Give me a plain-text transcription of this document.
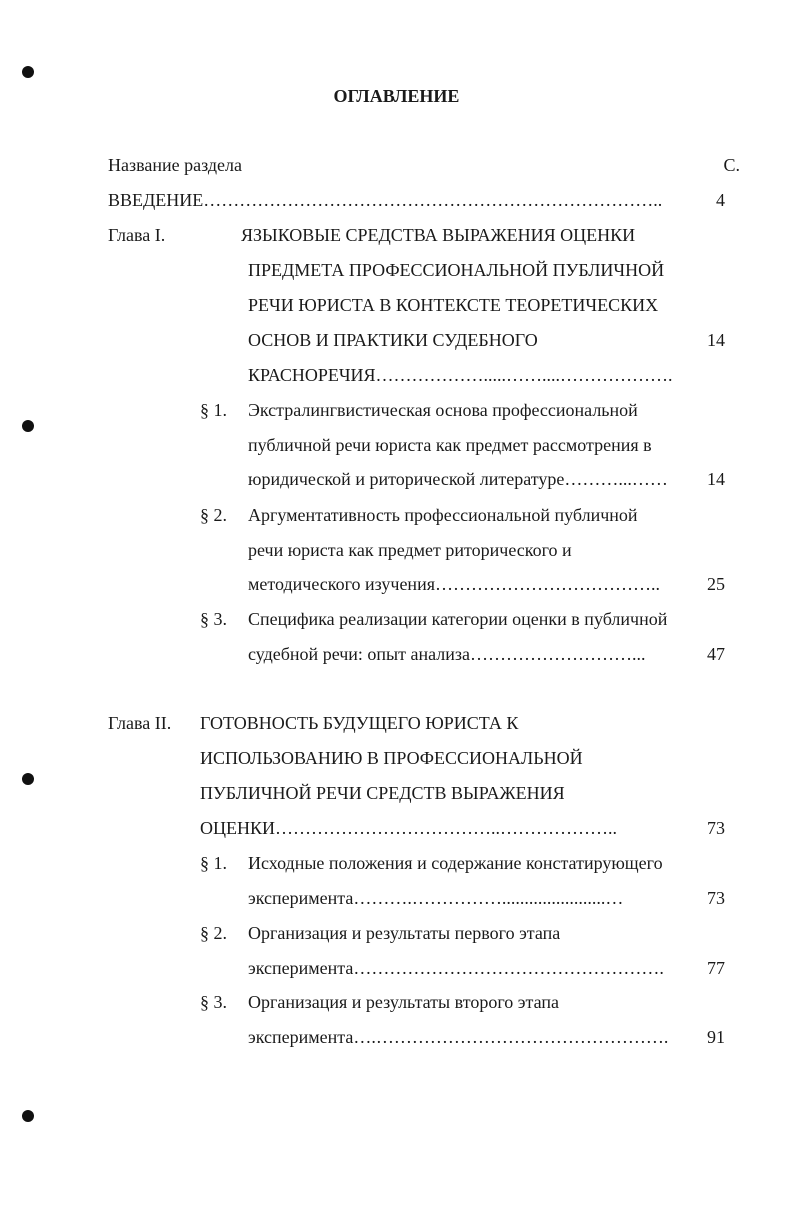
ОГЛАВЛЕНИЕ
Название раздела	С.
ВВЕДЕНИЕ…………………………………………………………………..	4
Глава I.	ЯЗЫКОВЫЕ СРЕДСТВА ВЫРАЖЕНИЯ ОЦЕНКИ
ПРЕДМЕТА ПРОФЕССИОНАЛЬНОЙ ПУБЛИЧНОЙ
РЕЧИ ЮРИСТА В КОНТЕКСТЕ ТЕОРЕТИЧЕСКИХ
ОСНОВ И ПРАКТИКИ СУДЕБНОГО	14
КРАСНОРЕЧИЯ……………….....……....……………….
§ 1. Экстралингвистическая основа профессиональной
публичной речи юриста как предмет рассмотрения в
юридической и риторической литературе………...……	14
§ 2. Аргументативность профессиональной публичной
речи юриста как предмет риторического и
методического изучения………………………………..	25
§ 3. Специфика реализации категории оценки в публичной
судебной речи: опыт анализа………………………...	47
Глава II. ГОТОВНОСТЬ БУДУЩЕГО ЮРИСТА К
ИСПОЛЬЗОВАНИЮ В ПРОФЕССИОНАЛЬНОЙ
ПУБЛИЧНОЙ РЕЧИ СРЕДСТВ ВЫРАЖЕНИЯ
ОЦЕНКИ………………………………..………………..	73
§ 1. Исходные положения и содержание констатирующего
эксперимента……….…………….......................…	73
§ 2. Организация и результаты первого этапа
эксперимента…………………………………………….	77
§ 3. Организация и результаты второго этапа
эксперимента….………………………………………….	91
